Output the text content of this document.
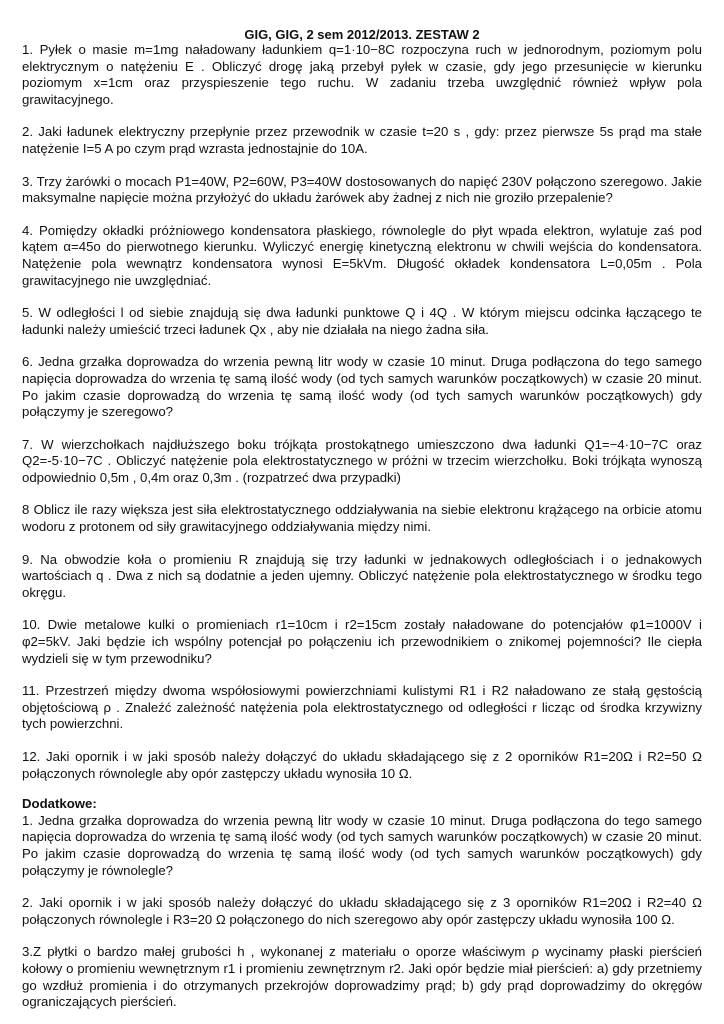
GIG, GIG, 2 sem 2012/2013. ZESTAW 2

1. Pyłek o masie m=1mg naładowany ładunkiem q=1·10−8C rozpoczyna ruch w jednorodnym, poziomym polu elektrycznym o natężeniu E . Obliczyć drogę jaką przebył pyłek w czasie, gdy jego przesunięcie w kierunku poziomym x=1cm oraz przyspieszenie tego ruchu. W zadaniu trzeba uwzględnić również wpływ pola grawitacyjnego.

2. Jaki ładunek elektryczny przepłynie przez przewodnik w czasie t=20 s , gdy: przez pierwsze 5s prąd ma stałe natężenie I=5 A po czym prąd wzrasta jednostajnie do 10A.

3. Trzy żarówki o mocach P1=40W, P2=60W, P3=40W dostosowanych do napięć 230V połączono szeregowo. Jakie maksymalne napięcie można przyłożyć do układu żarówek aby żadnej z nich nie groziło przepalenie?

4. Pomiędzy okładki próżniowego kondensatora płaskiego, równolegle do płyt wpada elektron, wylatuje zaś pod kątem α=45o do pierwotnego kierunku. Wyliczyć energię kinetyczną elektronu w chwili wejścia do kondensatora. Natężenie pola wewnątrz kondensatora wynosi E=5kVm. Długość okładek kondensatora L=0,05m . Pola grawitacyjnego nie uwzględniać.

5. W odległości l od siebie znajdują się dwa ładunki punktowe Q i 4Q . W którym miejscu odcinka łączącego te ładunki należy umieścić trzeci ładunek Qx , aby nie działała na niego żadna siła.

6. Jedna grzałka doprowadza do wrzenia pewną litr wody w czasie 10 minut. Druga podłączona do tego samego napięcia doprowadza do wrzenia tę samą ilość wody (od tych samych warunków początkowych) w czasie 20 minut. Po jakim czasie doprowadzą do wrzenia tę samą ilość wody (od tych samych warunków początkowych) gdy połączymy je szeregowo?

7. W wierzchołkach najdłuższego boku trójkąta prostokątnego umieszczono dwa ładunki Q1=−4·10−7C oraz Q2=-5·10−7C . Obliczyć natężenie pola elektrostatycznego w próżni w trzecim wierzchołku. Boki trójkąta wynoszą odpowiednio 0,5m , 0,4m oraz 0,3m . (rozpatrzeć dwa przypadki)

8 Oblicz ile razy większa jest siła elektrostatycznego oddziaływania na siebie elektronu krążącego na orbicie atomu wodoru z protonem od siły grawitacyjnego oddziaływania między nimi.

9. Na obwodzie koła o promieniu R znajdują się trzy ładunki w jednakowych odległościach i o jednakowych wartościach q . Dwa z nich są dodatnie a jeden ujemny. Obliczyć natężenie pola elektrostatycznego w środku tego okręgu.

10. Dwie metalowe kulki o promieniach r1=10cm i r2=15cm zostały naładowane do potencjałów φ1=1000V i φ2=5kV. Jaki będzie ich wspólny potencjał po połączeniu ich przewodnikiem o znikomej pojemności? Ile ciepła wydzieli się w tym przewodniku?

11. Przestrzeń między dwoma współosiowymi powierzchniami kulistymi R1 i R2 naładowano ze stałą gęstością objętościową ρ . Znaleźć zależność natężenia pola elektrostatycznego od odległości r licząc od środka krzywizny tych powierzchni.

12. Jaki opornik i w jaki sposób należy dołączyć do układu składającego się z 2 oporników R1=20Ω i R2=50 Ω połączonych równolegle aby opór zastępczy układu wynosiła 10 Ω.

Dodatkowe:

1. Jedna grzałka doprowadza do wrzenia pewną litr wody w czasie 10 minut. Druga podłączona do tego samego napięcia doprowadza do wrzenia tę samą ilość wody (od tych samych warunków początkowych) w czasie 20 minut. Po jakim czasie doprowadzą do wrzenia tę samą ilość wody (od tych samych warunków początkowych) gdy połączymy je równolegle?

2. Jaki opornik i w jaki sposób należy dołączyć do układu składającego się z 3 oporników R1=20Ω i R2=40 Ω połączonych równolegle i R3=20 Ω połączonego do nich szeregowo aby opór zastępczy układu wynosiła 100 Ω.

3.Z płytki o bardzo małej grubości h , wykonanej z materiału o oporze właściwym ρ wycinamy płaski pierścień kołowy o promieniu wewnętrznym r1 i promieniu zewnętrznym r2. Jaki opór będzie miał pierścień: a) gdy przetniemy go wzdłuż promienia i do otrzymanych przekrojów doprowadzimy prąd; b) gdy prąd doprowadzimy do okręgów ograniczających pierścień.
